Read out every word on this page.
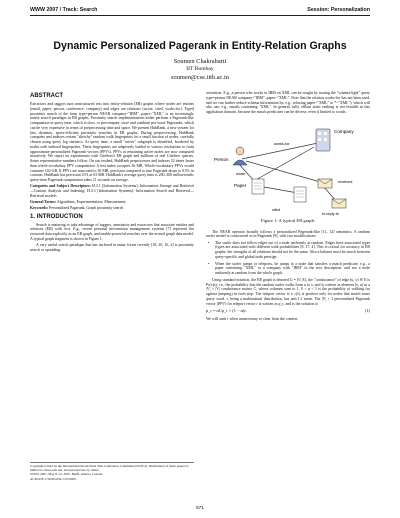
WWW 2007 / Track: Search	Session: Personalization
Dynamic Personalized Pagerank in Entity-Relation Graphs
Soumen Chakrabarti
IIT Bombay
soumen@cse.iitb.ac.in
ABSTRACT
Extractors and taggers turn unstructured text into entity-relation (ER) graphs where nodes are entities (email, paper, person, conference, company) and edges are relations (wrote, cited, works-for). Typed proximity search of the form type=person NEAR company~"IBM", paper~"XML" is an increasingly useful search paradigm in ER graphs. Proximity search implementations either perform a Pagerank-like computation at query time, which is slow, or precompute, store and combine per-word Pageranks, which can be very expensive in terms of preprocessing time and space. We present HubRank, a new system for fast, dynamic, space-efficient proximity searches in ER graphs. During preprocessing, HubRank computes and indexes certain "sketchy" random walk fingerprints for a small fraction of nodes, carefully chosen using query log statistics. At query time, a small "active" subgraph is identified, bordered by nodes with indexed fingerprints. These fingerprints are adaptively loaded to various resolutions to form approximate personalized Pagerank vectors (PPVs). PPVs at remaining active nodes are now computed iteratively. We report on experiments with CiteSeer's ER graph and millions of real CiteSeer queries. Some representative numbers follow. On our testbed, HubRank preprocesses and indexes 52 times faster than whole-vocabulary PPV computation. A text index occupies 56 MB. Whole-vocabulary PPVs would consume 102 GB. If PPVs are truncated to 56 MB, precision compared to true Pagerank drops to 0.55; in contrast, HubRank has precision 0.91 at 63 MB. HubRank's average query time is 200–300 milliseconds; query-time Pagerank computation takes 11 seconds on average.
Categories and Subject Descriptors: H.3.1 [Information Systems]: Information Storage and Retrieval—Content Analysis and Indexing; H.3.3 [Information Systems]: Information Search and Retrieval—Retrieval models
General Terms: Algorithms, Experimentation, Measurement
Keywords: Personalized Pagerank, Graph proximity search
1. INTRODUCTION
Search is maturing to take advantage of taggers, annotators and extractors that associate entities and relations (ER) with text. E.g., recent personal information management systems [7] represent the extracted data explicitly as an ER graph, and enable powerful searches over the textual graph data model. A typical graph fragment is shown in Figure 1.
A very useful search paradigm that has surfaced in many forms recently [18, 20, 16, 4] is proximity search or spreading
Copyright is held by the International World Wide Web Conference Committee (IW3C2). Distribution of these papers is limited to classroom use, and personal use by others.
WWW 2007, May 8–12, 2007, Banff, Alberta, Canada.
ACM 978-1-59593-654-7/07/0005.
activation. E.g., a person who works in IBM on XML can be sought by issuing the "schema-light" query type=person NEAR company~"IBM", paper~"XML". Note that the relation works-for has not been used, and we can further reduce schema information by, e.g., relaxing paper~"XML" to *~"XML"), which will also use, e.g., emails containing "XML". In general, fully offline static ranking is not feasible in this application domain, because the match predicates can be diverse, even if limited to words.
Company
works-for
Person
wrote
Paper
cited
received
in-reply-to
Figure 1: A typical ER graph.
The NEAR operator broadly follows a personalized Pagerank-like [11, 12] semantics. A random surfer model is constructed as in Pagerank [9], with two modifications:
• The surfer does not follow edges out of a node uniformly at random. Edges have associated types (types are associated with different walk probabilities [8, 17, 4]. This is critical for accuracy in ER graphs: the strengths of all relations should not be the same. Also a balance must be struck between query-specific and global node prestige.
• When the surfer jumps or teleports, he jumps to a node that satisfies a match predicate, e.g., a paper containing "XML" or a company with "IBM" in the text description, and not a node uniformly at random from the whole graph.
Using standard notation, the ER graph is denoted G = (V, E), the "conductance" of edge (u, v) ∈ E is Pr(v|u), i.e., the probability that the random surfer walks from u to v, and is written as element (v, u) in a |V| × |V| conductance matrix C, whose columns sum to 1. 0 < α < 1 is the probability of walking (as against jumping) in each step. The teleport vector is r; r(v) is positive only for nodes that match some query word. r, being a multinomial distribution, has unit L1 norm. The |V| × 1 personalized Pagerank vector (PPV) for teleport vector r is written as p_r, and is the solution to
p_r = αCp_r + (1 − α)r.	(1)
We will omit r when unnecessary or clear from the context.
571
